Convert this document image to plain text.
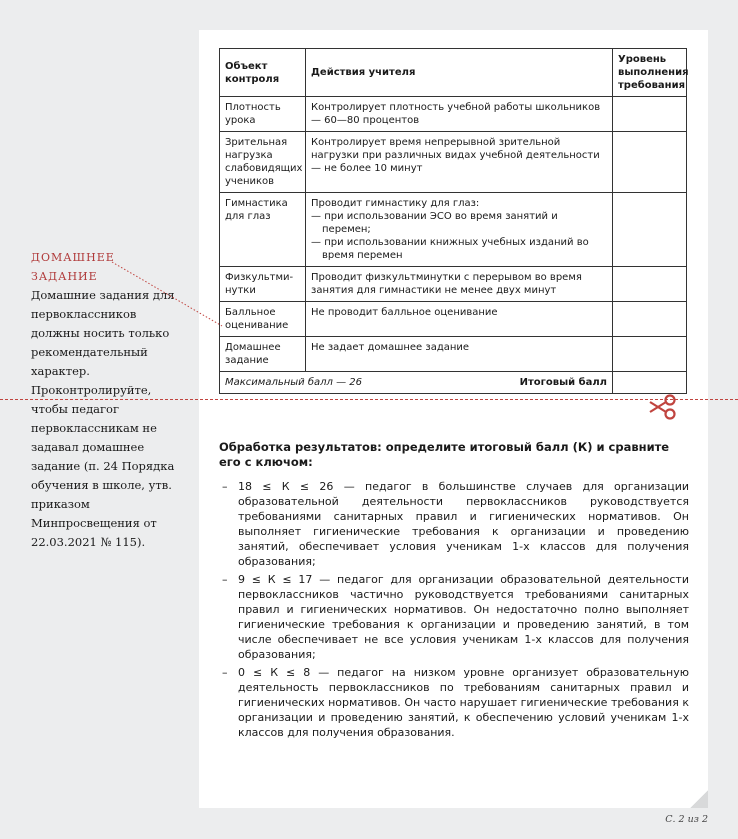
Объект контроля	Действия учителя	Уровень выполнения требования
Плотность урока	Контролирует плотность учебной работы школьников — 60—80 процентов	
Зрительная нагрузка слабовидящих учеников	Контролирует время непрерывной зрительной нагрузки при различных видах учебной деятельности — не более 10 минут	
Гимнастика для глаз	Проводит гимнастику для глаз:
— при использовании ЭСО во время занятий и перемен;
— при использовании книжных учебных изданий во время перемен	

Физкультми-нутки	Проводит физкультминутки с перерывом во время занятия для гимнастики не менее двух минут	
Балльное оценивание	Не проводит балльное оценивание	
Домашнее задание	Не задает домашнее задание	
Максимальный балл — 26 Итоговый балл		

Обработка результатов: определите итоговый балл (К) и сравните его с ключом:
– 18 ≤ К ≤ 26 — педагог в большинстве случаев для организации образовательной деятельности первоклассников руководствуется требованиями санитарных правил и гигиенических нормативов. Он выполняет гигиенические требования к организации и проведению занятий, обеспечивает условия ученикам 1-х классов для получения образования;
– 9 ≤ К ≤ 17 — педагог для организации образовательной деятельности первоклассников частично руководствуется требованиями санитарных правил и гигиенических нормативов. Он недостаточно полно выполняет гигиенические требования к организации и проведению занятий, в том числе обеспечивает не все условия ученикам 1-х классов для получения образования;
– 0 ≤ К ≤ 8 — педагог на низком уровне организует образовательную деятельность первоклассников по требованиям санитарных правил и гигиенических нормативов. Он часто нарушает гигиенические требования к организации и проведению занятий, к обеспечению условий ученикам 1-х классов для получения образования.
ДОМАШНЕЕ ЗАДАНИЕ
Домашние задания для первоклассников должны носить только рекомендательный характер. Проконтролируйте, чтобы педагог первоклассникам не задавал домашнее задание (п. 24 Порядка обучения в школе, утв. приказом Минпросвещения от 22.03.2021 № 115).
С. 2 из 2
